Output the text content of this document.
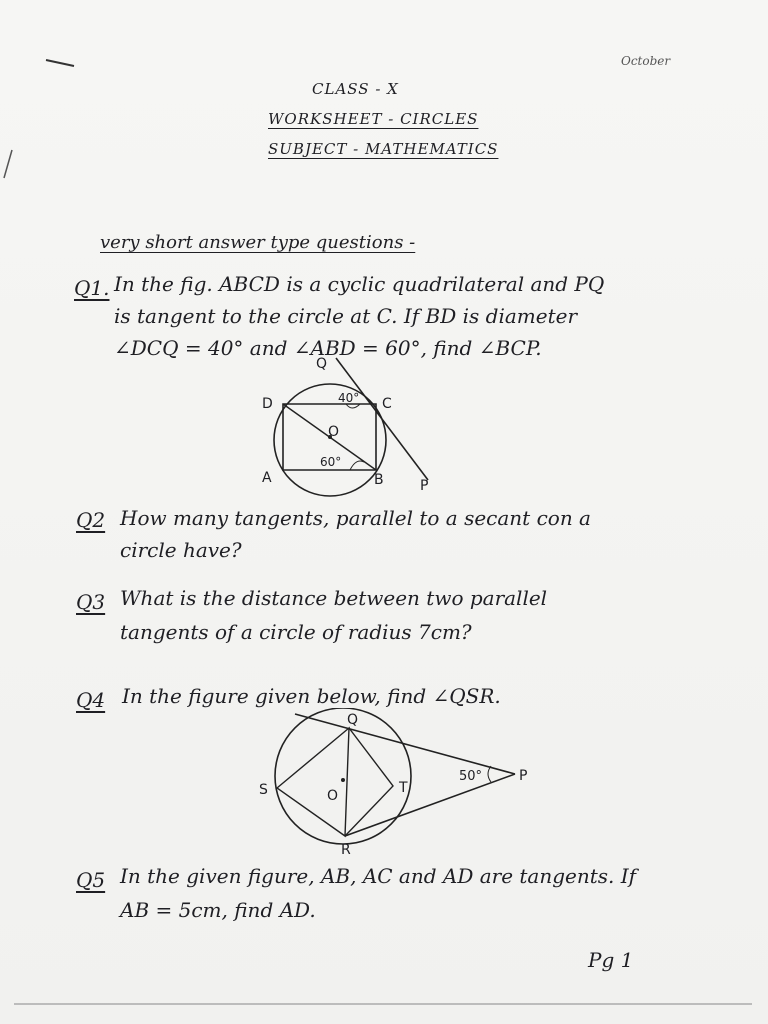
October
CLASS - X
WORKSHEET - CIRCLES
SUBJECT - MATHEMATICS
very short answer type questions -
Q1. In the fig. ABCD is a cyclic quadrilateral and PQ
is tangent to the circle at C. If BD is diameter
∠DCQ = 40° and ∠ABD = 60°, find ∠BCP.
Q
D	C
O
A	B	P
40°
60°
Q2 How many tangents, parallel to a secant con a
circle have?
Q3 What is the distance between two parallel
tangents of a circle of radius 7cm?
Q4 In the figure given below, find ∠QSR.
Q
S	O	T
R
P
50°
Q5 In the given figure, AB, AC and AD are tangents. If
AB = 5cm, find AD.
Pg 1
